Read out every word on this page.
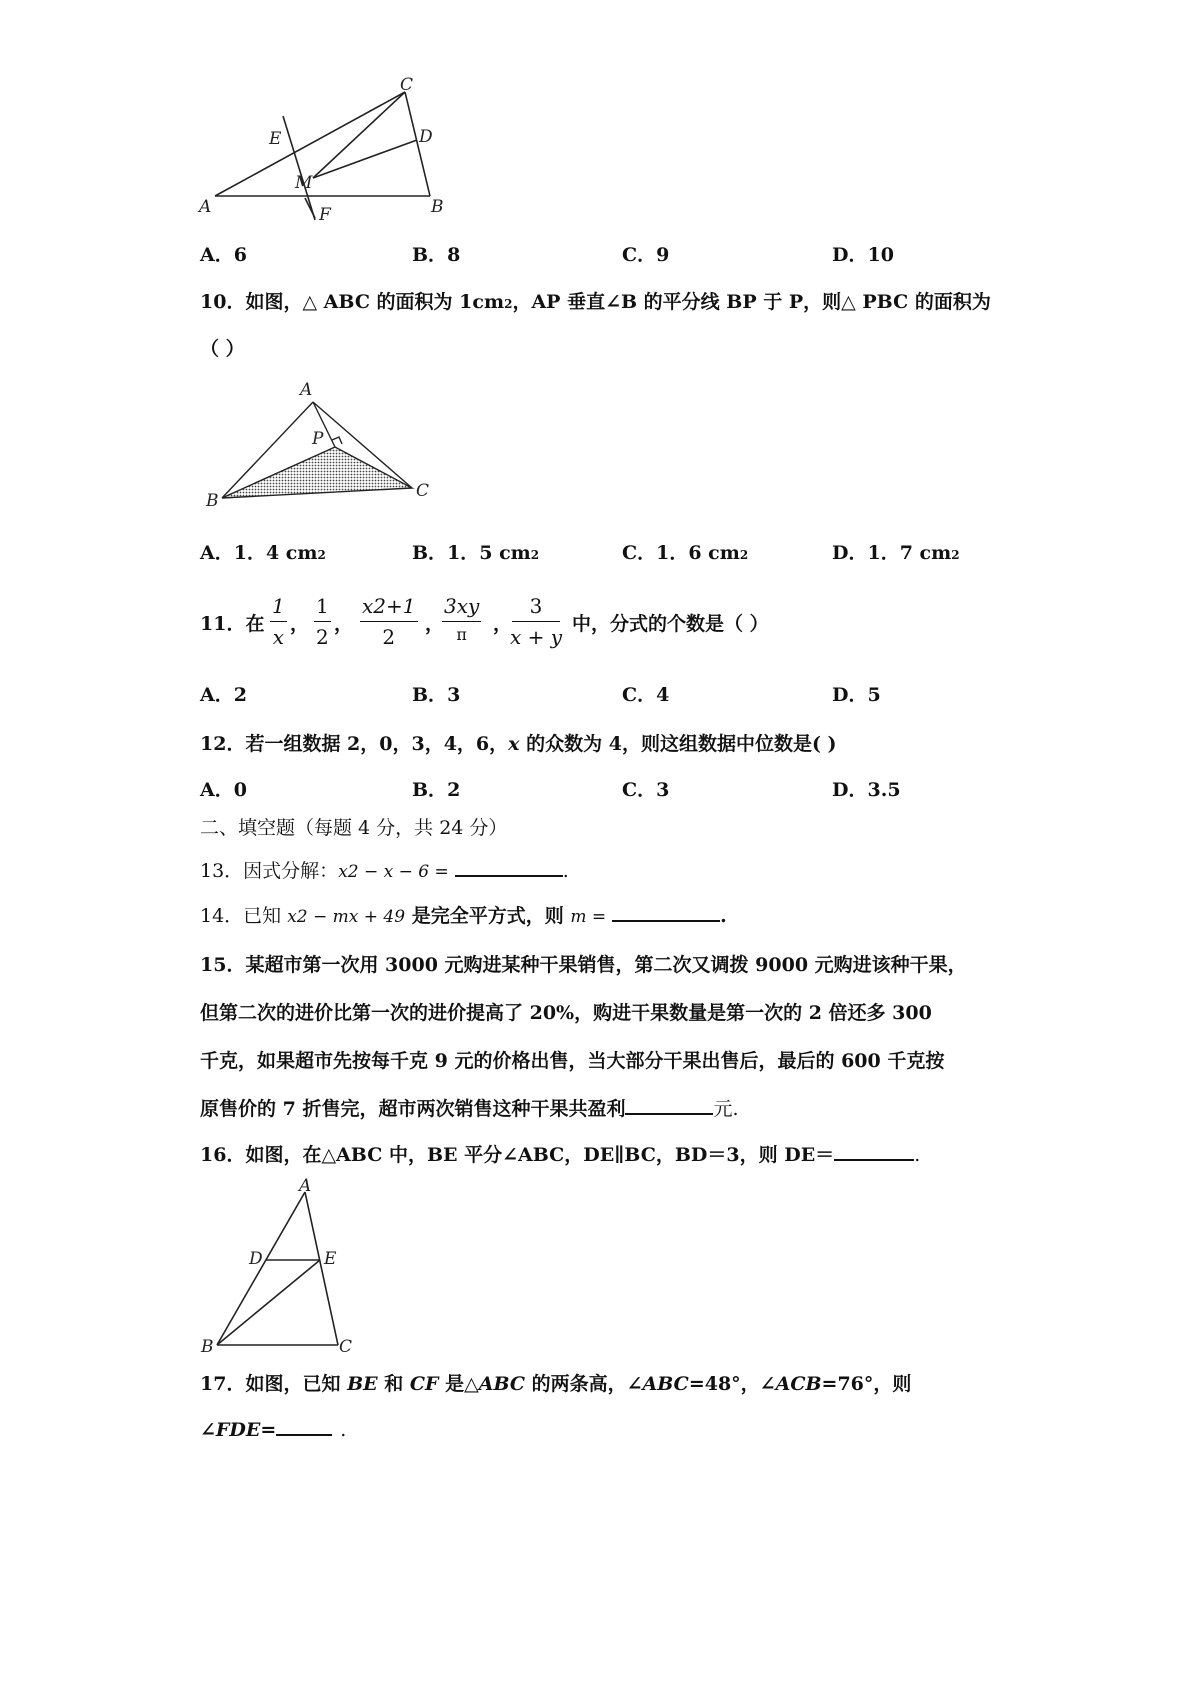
A	B
C
D
E
F
M
A．6	B．8	C．9	D．10
10．如图，△ ABC 的面积为 1cm2，AP 垂直∠B 的平分线 BP 于 P，则△ PBC 的面积为
（ ）
A
B	C
P
A．1．4 cm2	B．1．5 cm2	C．1．6 cm2	D．1．7 cm2
11．在
1
x
，
1
2
，
x2+1
2
，
3xy
π	，
3
x + y
中，分式的个数是（ ）
A．2	B．3	C．4	D．5
12．若一组数据 2，0，3，4，6，x 的众数为 4，则这组数据中位数是( )
A．0	B．2	C．3	D．3.5
二、填空题（每题 4 分，共 24 分）
13．因式分解：x2 − x − 6 =	.
14．已知 x2 − mx + 49 是完全平方式，则 m =	.
15．某超市第一次用 3000 元购进某种干果销售，第二次又调拨 9000 元购进该种干果，
但第二次的进价比第一次的进价提高了 20%，购进干果数量是第一次的 2 倍还多 300
千克，如果超市先按每千克 9 元的价格出售，当大部分干果出售后，最后的 600 千克按
原售价的 7 折售完，超市两次销售这种干果共盈利	元.
16．如图，在△ABC 中，BE 平分∠ABC，DE∥BC，BD＝3，则 DE＝	.
A
B	C
D	E
17．如图，已知 BE 和 CF 是△ABC 的两条高，∠ABC=48°，∠ACB=76°，则
∠FDE=	.
